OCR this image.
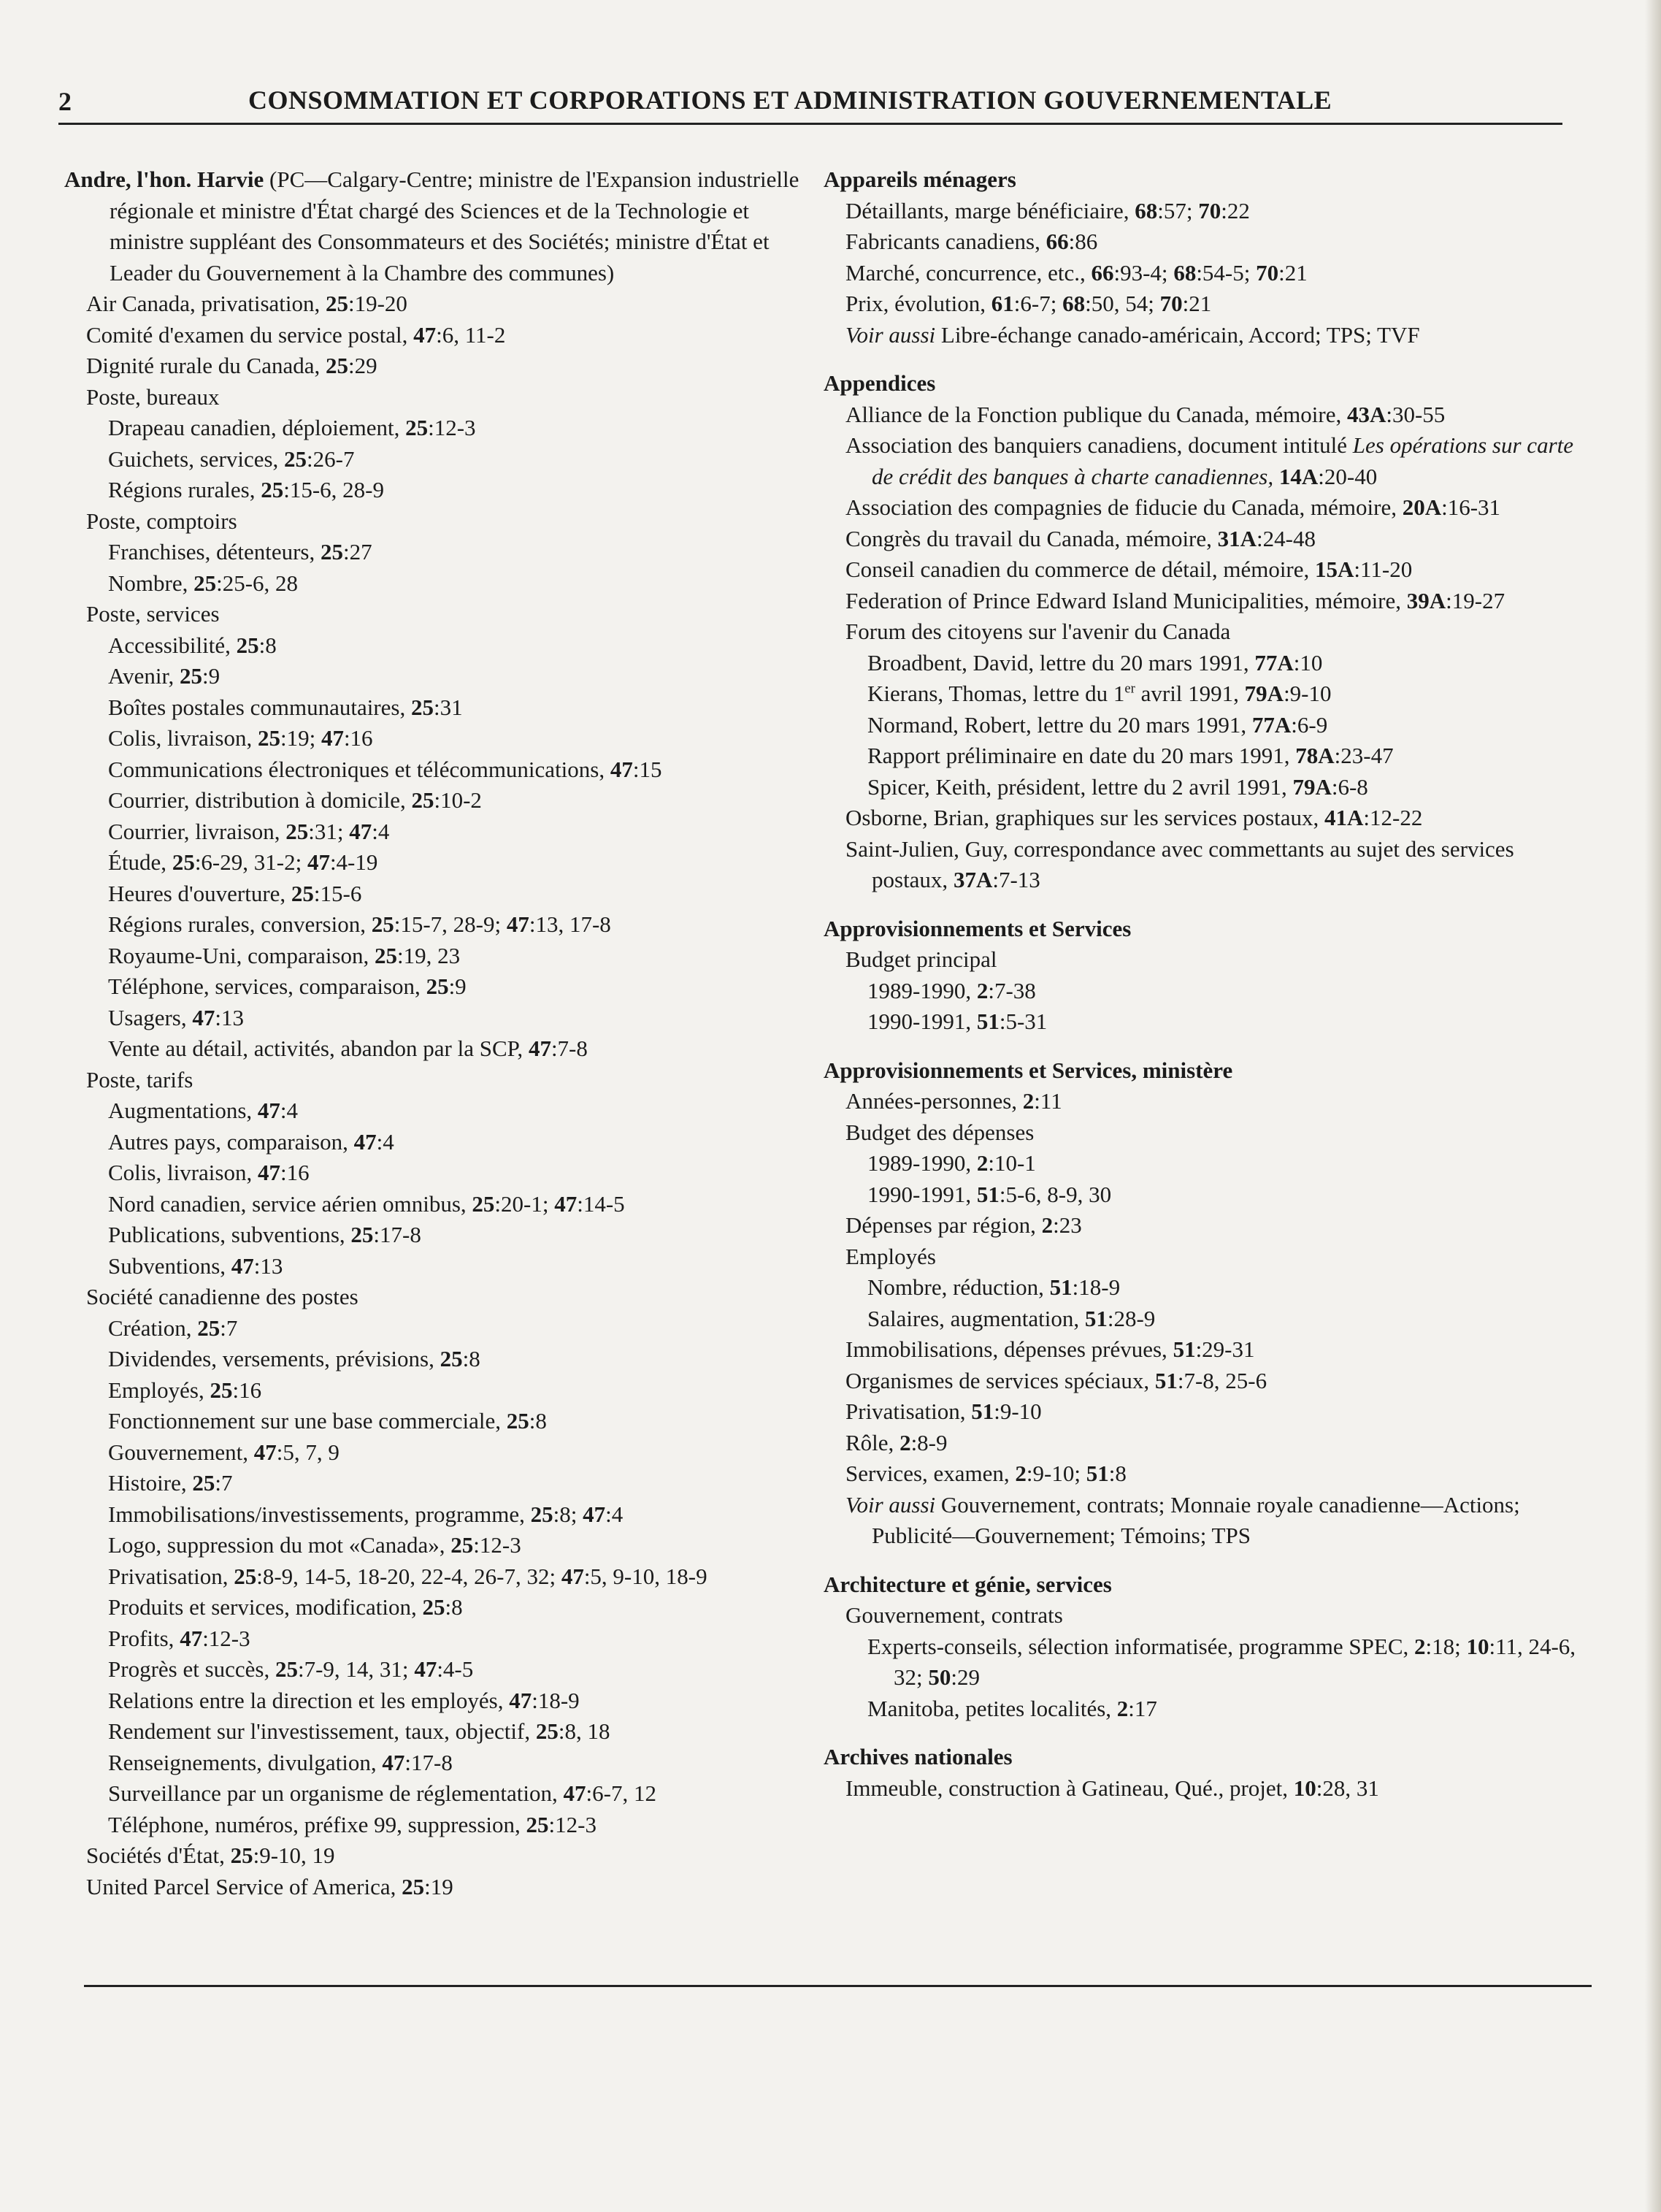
2	CONSOMMATION ET CORPORATIONS ET ADMINISTRATION GOUVERNEMENTALE
Andre, l'hon. Harvie (PC—Calgary-Centre; ministre de l'Expansion industrielle régionale et ministre d'État chargé des Sciences et de la Technologie et ministre suppléant des Consommateurs et des Sociétés; ministre d'État et Leader du Gouvernement à la Chambre des communes)
Air Canada, privatisation, 25:19-20
Comité d'examen du service postal, 47:6, 11-2
Dignité rurale du Canada, 25:29
Poste, bureaux
Drapeau canadien, déploiement, 25:12-3
Guichets, services, 25:26-7
Régions rurales, 25:15-6, 28-9
Poste, comptoirs
Franchises, détenteurs, 25:27
Nombre, 25:25-6, 28
Poste, services
Accessibilité, 25:8
Avenir, 25:9
Boîtes postales communautaires, 25:31
Colis, livraison, 25:19; 47:16
Communications électroniques et télécommunications, 47:15
Courrier, distribution à domicile, 25:10-2
Courrier, livraison, 25:31; 47:4
Étude, 25:6-29, 31-2; 47:4-19
Heures d'ouverture, 25:15-6
Régions rurales, conversion, 25:15-7, 28-9; 47:13, 17-8
Royaume-Uni, comparaison, 25:19, 23
Téléphone, services, comparaison, 25:9
Usagers, 47:13
Vente au détail, activités, abandon par la SCP, 47:7-8
Poste, tarifs
Augmentations, 47:4
Autres pays, comparaison, 47:4
Colis, livraison, 47:16
Nord canadien, service aérien omnibus, 25:20-1; 47:14-5
Publications, subventions, 25:17-8
Subventions, 47:13
Société canadienne des postes
Création, 25:7
Dividendes, versements, prévisions, 25:8
Employés, 25:16
Fonctionnement sur une base commerciale, 25:8
Gouvernement, 47:5, 7, 9
Histoire, 25:7
Immobilisations/investissements, programme, 25:8; 47:4
Logo, suppression du mot «Canada», 25:12-3
Privatisation, 25:8-9, 14-5, 18-20, 22-4, 26-7, 32; 47:5, 9-10, 18-9
Produits et services, modification, 25:8
Profits, 47:12-3
Progrès et succès, 25:7-9, 14, 31; 47:4-5
Relations entre la direction et les employés, 47:18-9
Rendement sur l'investissement, taux, objectif, 25:8, 18
Renseignements, divulgation, 47:17-8
Surveillance par un organisme de réglementation, 47:6-7, 12
Téléphone, numéros, préfixe 99, suppression, 25:12-3
Sociétés d'État, 25:9-10, 19
United Parcel Service of America, 25:19
Appareils ménagers
Détaillants, marge bénéficiaire, 68:57; 70:22
Fabricants canadiens, 66:86
Marché, concurrence, etc., 66:93-4; 68:54-5; 70:21
Prix, évolution, 61:6-7; 68:50, 54; 70:21
Voir aussi Libre-échange canado-américain, Accord; TPS; TVF
Appendices
Alliance de la Fonction publique du Canada, mémoire, 43A:30-55
Association des banquiers canadiens, document intitulé Les opérations sur carte de crédit des banques à charte canadiennes, 14A:20-40
Association des compagnies de fiducie du Canada, mémoire, 20A:16-31
Congrès du travail du Canada, mémoire, 31A:24-48
Conseil canadien du commerce de détail, mémoire, 15A:11-20
Federation of Prince Edward Island Municipalities, mémoire, 39A:19-27
Forum des citoyens sur l'avenir du Canada
Broadbent, David, lettre du 20 mars 1991, 77A:10
Kierans, Thomas, lettre du 1er avril 1991, 79A:9-10
Normand, Robert, lettre du 20 mars 1991, 77A:6-9
Rapport préliminaire en date du 20 mars 1991, 78A:23-47
Spicer, Keith, président, lettre du 2 avril 1991, 79A:6-8
Osborne, Brian, graphiques sur les services postaux, 41A:12-22
Saint-Julien, Guy, correspondance avec commettants au sujet des services postaux, 37A:7-13
Approvisionnements et Services
Budget principal
1989-1990, 2:7-38
1990-1991, 51:5-31
Approvisionnements et Services, ministère
Années-personnes, 2:11
Budget des dépenses
1989-1990, 2:10-1
1990-1991, 51:5-6, 8-9, 30
Dépenses par région, 2:23
Employés
Nombre, réduction, 51:18-9
Salaires, augmentation, 51:28-9
Immobilisations, dépenses prévues, 51:29-31
Organismes de services spéciaux, 51:7-8, 25-6
Privatisation, 51:9-10
Rôle, 2:8-9
Services, examen, 2:9-10; 51:8
Voir aussi Gouvernement, contrats; Monnaie royale canadienne—Actions; Publicité—Gouvernement; Témoins; TPS
Architecture et génie, services
Gouvernement, contrats
Experts-conseils, sélection informatisée, programme SPEC, 2:18; 10:11, 24-6, 32; 50:29
Manitoba, petites localités, 2:17
Archives nationales
Immeuble, construction à Gatineau, Qué., projet, 10:28, 31
